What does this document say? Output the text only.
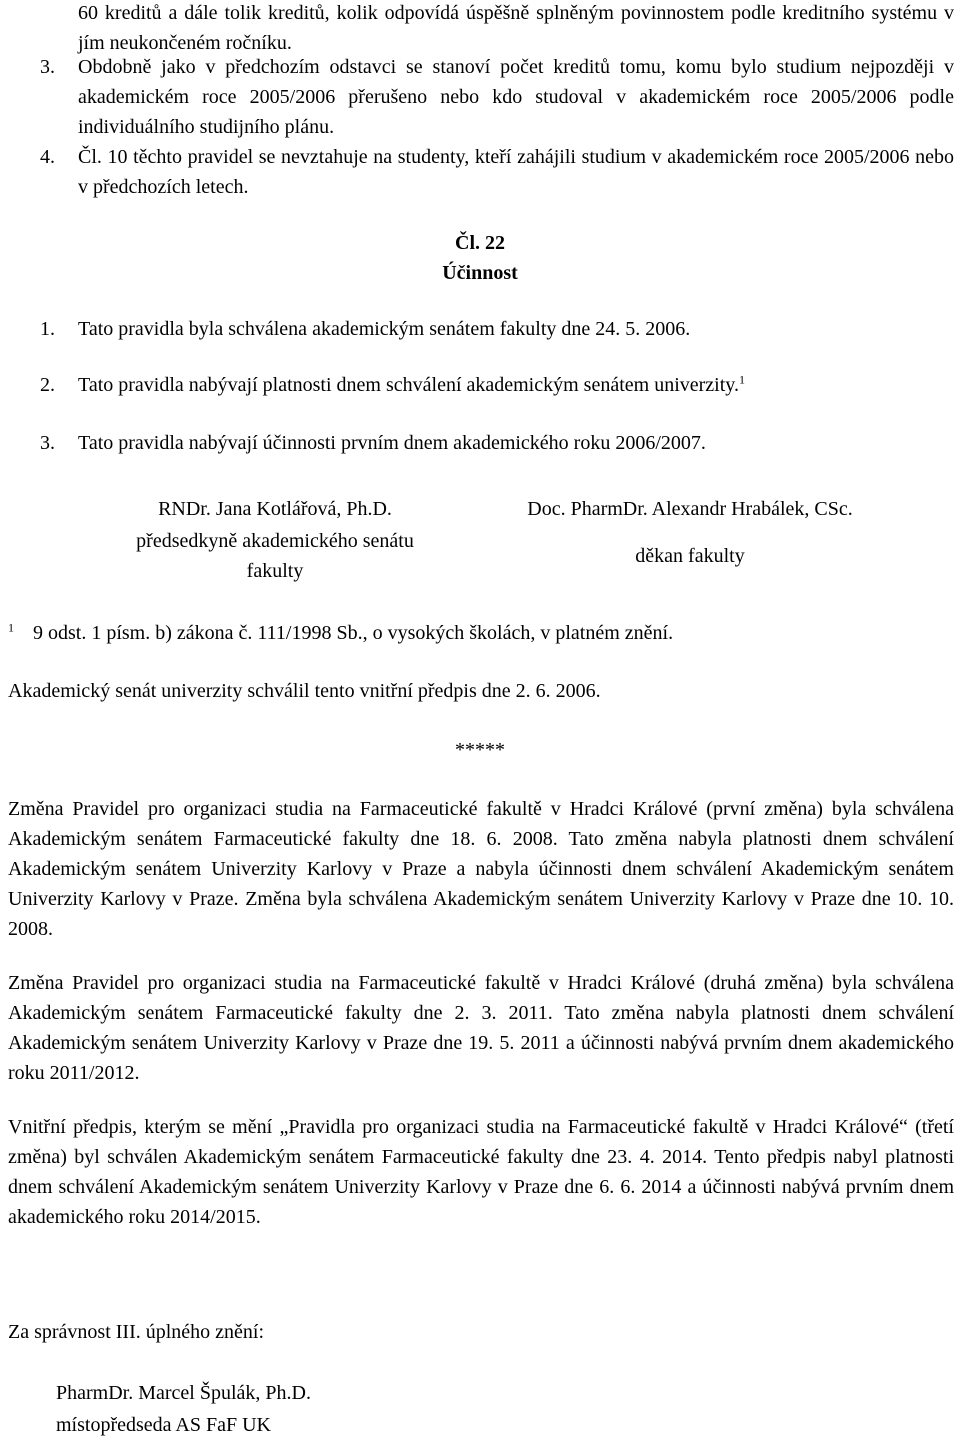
60 kreditů a dále tolik kreditů, kolik odpovídá úspěšně splněným povinnostem podle kreditního systému v jím neukončeném ročníku.
3. Obdobně jako v předchozím odstavci se stanoví počet kreditů tomu, komu bylo studium nejpozději v akademickém roce 2005/2006 přerušeno nebo kdo studoval v akademickém roce 2005/2006 podle individuálního studijního plánu.
4. Čl. 10 těchto pravidel se nevztahuje na studenty, kteří zahájili studium v akademickém roce 2005/2006 nebo v předchozích letech.
Čl. 22
Účinnost
1. Tato pravidla byla schválena akademickým senátem fakulty dne 24. 5. 2006.
2. Tato pravidla nabývají platnosti dnem schválení akademickým senátem univerzity.$^1$
3. Tato pravidla nabývají účinnosti prvním dnem akademického roku 2006/2007.
RNDr. Jana Kotlářová, Ph.D.
předsedkyně akademického senátu
fakulty
Doc. PharmDr. Alexandr Hrabálek, CSc.
děkan fakulty
$^1$ 9 odst. 1 písm. b) zákona č. 111/1998 Sb., o vysokých školách, v platném znění.
Akademický senát univerzity schválil tento vnitřní předpis dne 2. 6. 2006.
*****
Změna Pravidel pro organizaci studia na Farmaceutické fakultě v Hradci Králové (první změna) byla schválena Akademickým senátem Farmaceutické fakulty dne 18. 6. 2008. Tato změna nabyla platnosti dnem schválení Akademickým senátem Univerzity Karlovy v Praze a nabyla účinnosti dnem schválení Akademickým senátem Univerzity Karlovy v Praze. Změna byla schválena Akademickým senátem Univerzity Karlovy v Praze dne 10. 10. 2008.
Změna Pravidel pro organizaci studia na Farmaceutické fakultě v Hradci Králové (druhá změna) byla schválena Akademickým senátem Farmaceutické fakulty dne 2. 3. 2011. Tato změna nabyla platnosti dnem schválení Akademickým senátem Univerzity Karlovy v Praze dne 19. 5. 2011 a účinnosti nabývá prvním dnem akademického roku 2011/2012.
Vnitřní předpis, kterým se mění „Pravidla pro organizaci studia na Farmaceutické fakultě v Hradci Králové“ (třetí změna) byl schválen Akademickým senátem Farmaceutické fakulty dne 23. 4. 2014. Tento předpis nabyl platnosti dnem schválení Akademickým senátem Univerzity Karlovy v Praze dne 6. 6. 2014 a účinnosti nabývá prvním dnem akademického roku 2014/2015.
Za správnost III. úplného znění:
PharmDr. Marcel Špulák, Ph.D.
místopředseda AS FaF UK
